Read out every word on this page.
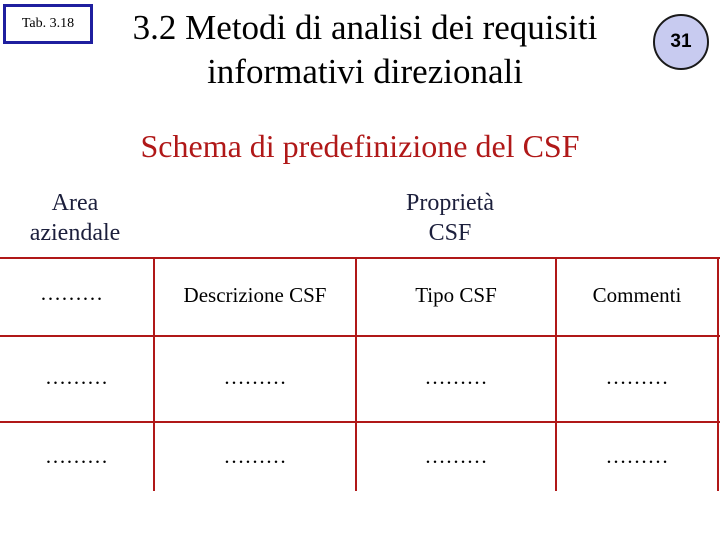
Tab. 3.18	3.2 Metodi di analisi dei requisiti
informativi direzionali
31
Schema di predefinizione del CSF
Area
aziendale
Proprietà
CSF
………	Descrizione CSF	Tipo CSF	Commenti
………	………	………	………
………	………	………	………
